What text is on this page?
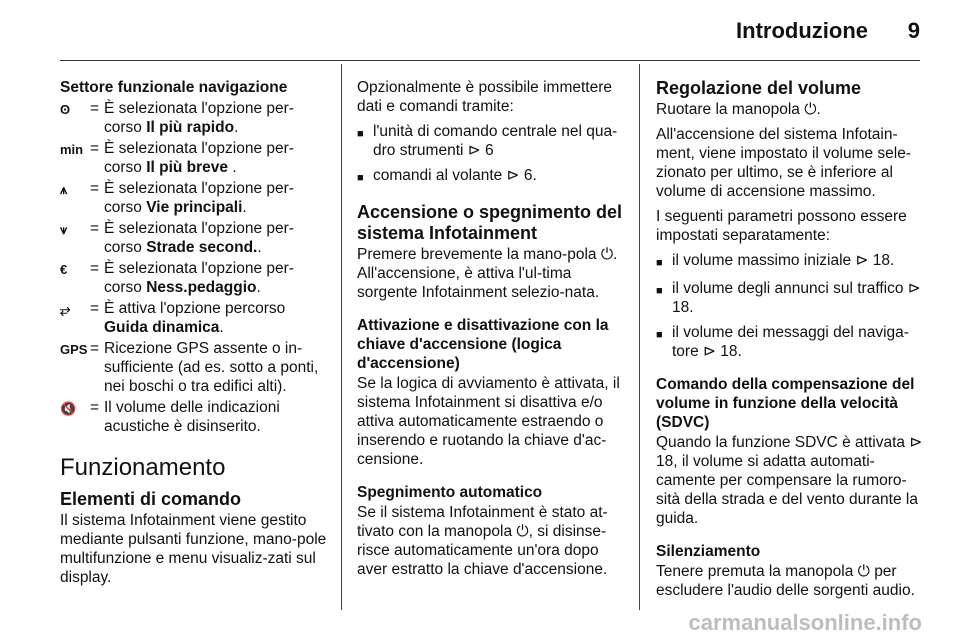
Introduzione 9
Settore funzionale navigazione
ʘ	= È selezionata l'opzione per-corso Il più rapido.
min = È selezionata l'opzione per-corso Il più breve .
⩚	= È selezionata l'opzione per-corso Vie principali.
⩛	= È selezionata l'opzione per-corso Strade second..
€	= È selezionata l'opzione per-corso Ness.pedaggio.
⥂	= È attiva l'opzione percorso Guida dinamica.
GPS = Ricezione GPS assente o in-sufficiente (ad es. sotto a ponti, nei boschi o tra edifici alti).
🔇 = Il volume delle indicazioni acustiche è disinserito.
Funzionamento
Elementi di comando

Il sistema Infotainment viene gestito mediante pulsanti funzione, mano-pole multifunzione e menu visualiz-zati sul display.

Opzionalmente è possibile immettere dati e comandi tramite:

■ l'unità di comando centrale nel qua-dro strumenti ⊳ 6
■ comandi al volante ⊳ 6.
Accensione o spegnimento del sistema Infotainment

Premere brevemente la mano-pola ⏻. All'accensione, è attiva l'ul-tima sorgente Infotainment selezio-nata.

Attivazione e disattivazione con la chiave d'accensione (logica d'accensione)

Se la logica di avviamento è attivata, il sistema Infotainment si disattiva e/o attiva automaticamente estraendo o inserendo e ruotando la chiave d'ac-censione.

Spegnimento automatico

Se il sistema Infotainment è stato at-tivato con la manopola ⏻, si disinse-risce automaticamente un'ora dopo aver estratto la chiave d'accensione.

Regolazione del volume

Ruotare la manopola ⏻.

All'accensione del sistema Infotain-ment, viene impostato il volume sele-zionato per ultimo, se è inferiore al volume di accensione massimo.

I seguenti parametri possono essere impostati separatamente:

■ il volume massimo iniziale ⊳ 18.
■ il volume degli annunci sul traffico ⊳ 18.
■ il volume dei messaggi del naviga-tore ⊳ 18.
Comando della compensazione del volume in funzione della velocità (SDVC)

Quando la funzione SDVC è attivata ⊳ 18, il volume si adatta automati-camente per compensare la rumoro-sità della strada e del vento durante la guida.

Silenziamento

Tenere premuta la manopola ⏻ per escludere l'audio delle sorgenti audio.

carmanualsonline.info
